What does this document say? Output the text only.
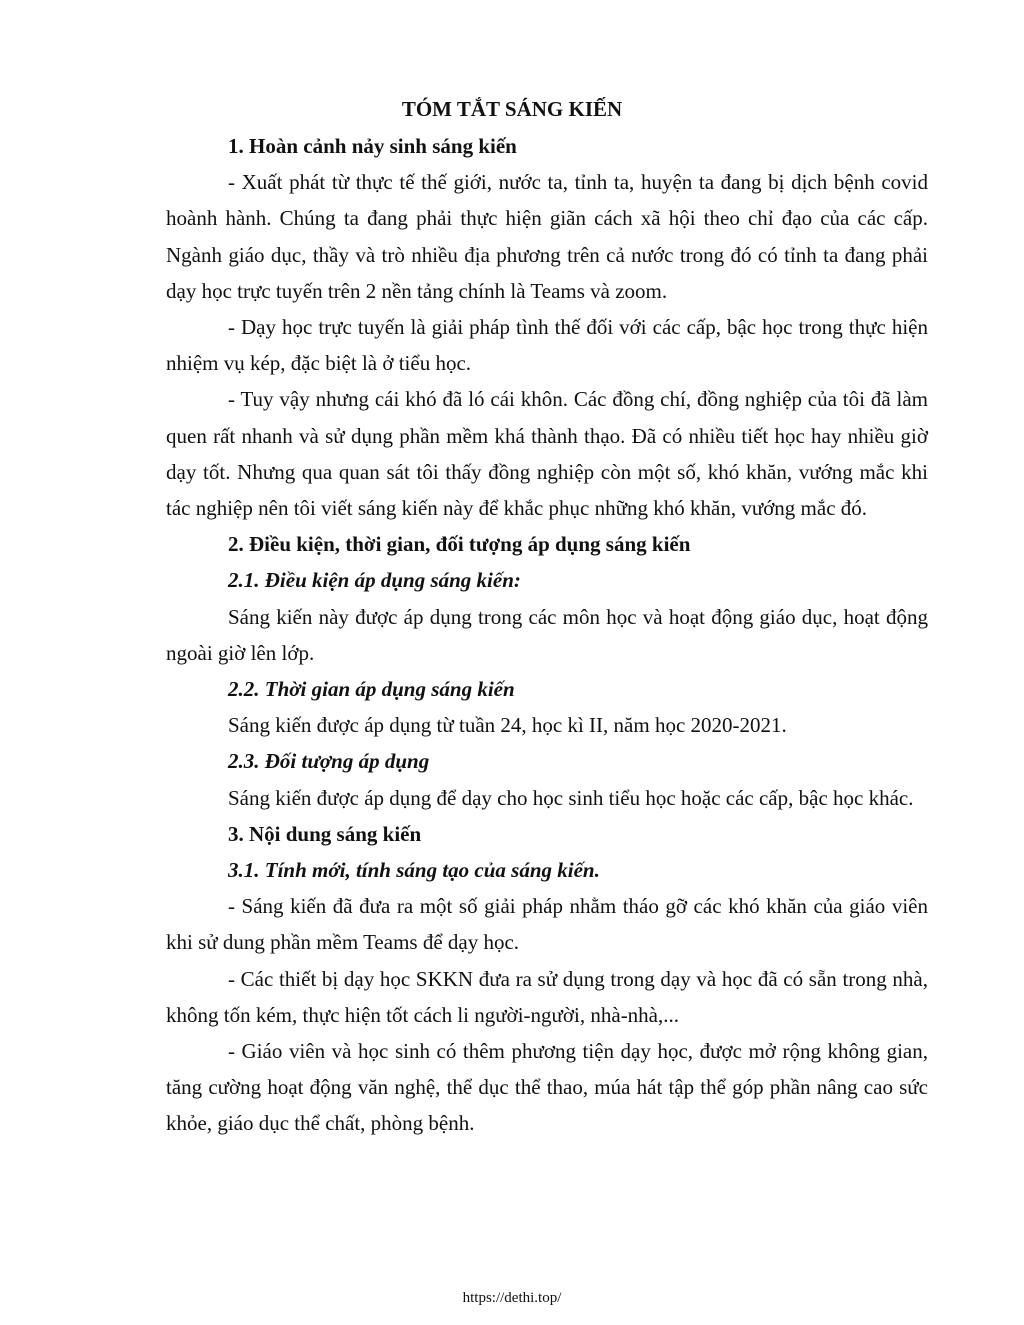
TÓM TẮT SÁNG KIẾN

1. Hoàn cảnh nảy sinh sáng kiến

- Xuất phát từ thực tế thế giới, nước ta, tỉnh ta, huyện ta đang bị dịch bệnh covid hoành hành. Chúng ta đang phải thực hiện giãn cách xã hội theo chỉ đạo của các cấp. Ngành giáo dục, thầy và trò nhiều địa phương trên cả nước trong đó có tỉnh ta đang phải dạy học trực tuyến trên 2 nền tảng chính là Teams và zoom.

- Dạy học trực tuyến là giải pháp tình thế đối với các cấp, bậc học trong thực hiện nhiệm vụ kép, đặc biệt là ở tiểu học.

- Tuy vậy nhưng cái khó đã ló cái khôn. Các đồng chí, đồng nghiệp của tôi đã làm quen rất nhanh và sử dụng phần mềm khá thành thạo. Đã có nhiều tiết học hay nhiều giờ dạy tốt. Nhưng qua quan sát tôi thấy đồng nghiệp còn một số, khó khăn, vướng mắc khi tác nghiệp nên tôi viết sáng kiến này để khắc phục những khó khăn, vướng mắc đó.

2. Điều kiện, thời gian, đối tượng áp dụng sáng kiến

2.1. Điều kiện áp dụng sáng kiến:

Sáng kiến này được áp dụng trong các môn học và hoạt động giáo dục, hoạt động ngoài giờ lên lớp.

2.2. Thời gian áp dụng sáng kiến

Sáng kiến được áp dụng từ tuần 24, học kì II, năm học 2020-2021.

2.3. Đối tượng áp dụng

Sáng kiến được áp dụng để dạy cho học sinh tiểu học hoặc các cấp, bậc học khác.

3. Nội dung sáng kiến

3.1. Tính mới, tính sáng tạo của sáng kiến.

- Sáng kiến đã đưa ra một số giải pháp nhằm tháo gỡ các khó khăn của giáo viên khi sử dung phần mềm Teams để dạy học.

- Các thiết bị dạy học SKKN đưa ra sử dụng trong dạy và học đã có sẵn trong nhà, không tốn kém, thực hiện tốt cách li người-người, nhà-nhà,...

- Giáo viên và học sinh có thêm phương tiện dạy học, được mở rộng không gian, tăng cường hoạt động văn nghệ, thể dục thể thao, múa hát tập thể góp phần nâng cao sức khỏe, giáo dục thể chất, phòng bệnh.

https://dethi.top/
